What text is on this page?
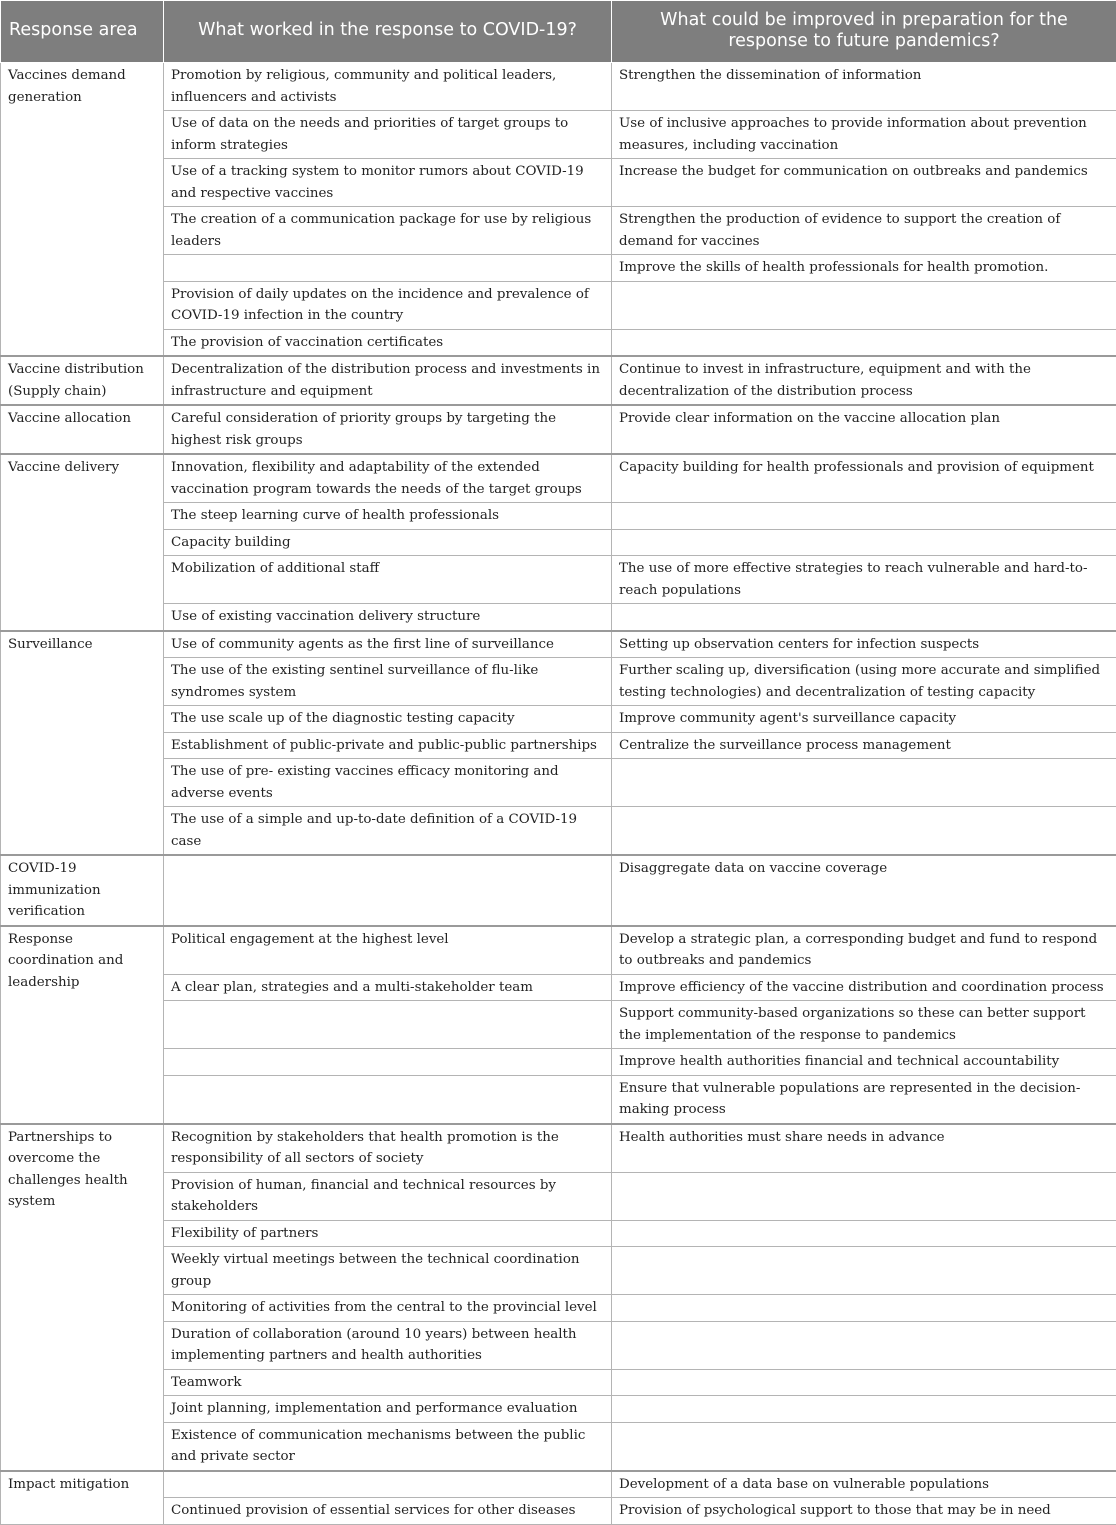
Response area	What worked in the response to COVID-19?	What could be improved in preparation for the response to future pandemics?
Vaccines demand generation	Promotion by religious, community and political leaders, influencers and activists	Strengthen the dissemination of information
	Use of data on the needs and priorities of target groups to inform strategies	Use of inclusive approaches to provide information about prevention measures, including vaccination
	Use of a tracking system to monitor rumors about COVID-19 and respective vaccines	Increase the budget for communication on outbreaks and pandemics
	The creation of a communication package for use by religious leaders	Strengthen the production of evidence to support the creation of demand for vaccines
		Improve the skills of health professionals for health promotion.
	Provision of daily updates on the incidence and prevalence of COVID-19 infection in the country	
	The provision of vaccination certificates	
Vaccine distribution (Supply chain)	Decentralization of the distribution process and investments in infrastructure and equipment	Continue to invest in infrastructure, equipment and with the decentralization of the distribution process
Vaccine allocation	Careful consideration of priority groups by targeting the highest risk groups	Provide clear information on the vaccine allocation plan
Vaccine delivery	Innovation, flexibility and adaptability of the extended vaccination program towards the needs of the target groups	Capacity building for health professionals and provision of equipment
	The steep learning curve of health professionals	
	Capacity building	
	Mobilization of additional staff	The use of more effective strategies to reach vulnerable and hard-to-reach populations
	Use of existing vaccination delivery structure	
Surveillance	Use of community agents as the first line of surveillance	Setting up observation centers for infection suspects
	The use of the existing sentinel surveillance of flu-like syndromes system	Further scaling up, diversification (using more accurate and simplified testing technologies) and decentralization of testing capacity
	The use scale up of the diagnostic testing capacity	Improve community agent's surveillance capacity
	Establishment of public-private and public-public partnerships	Centralize the surveillance process management
	The use of pre- existing vaccines efficacy monitoring and adverse events	
	The use of a simple and up-to-date definition of a COVID-19 case	
COVID-19 immunization verification		Disaggregate data on vaccine coverage
Response coordination and leadership	Political engagement at the highest level	Develop a strategic plan, a corresponding budget and fund to respond to outbreaks and pandemics
	A clear plan, strategies and a multi-stakeholder team	Improve efficiency of the vaccine distribution and coordination process
		Support community-based organizations so these can better support the implementation of the response to pandemics
		Improve health authorities financial and technical accountability
		Ensure that vulnerable populations are represented in the decision-making process
Partnerships to overcome the challenges health system	Recognition by stakeholders that health promotion is the responsibility of all sectors of society	Health authorities must share needs in advance
	Provision of human, financial and technical resources by stakeholders	
	Flexibility of partners	
	Weekly virtual meetings between the technical coordination group	
	Monitoring of activities from the central to the provincial level	
	Duration of collaboration (around 10 years) between health implementing partners and health authorities	
	Teamwork	
	Joint planning, implementation and performance evaluation	
	Existence of communication mechanisms between the public and private sector	
Impact mitigation		Development of a data base on vulnerable populations
	Continued provision of essential services for other diseases	Provision of psychological support to those that may be in need
